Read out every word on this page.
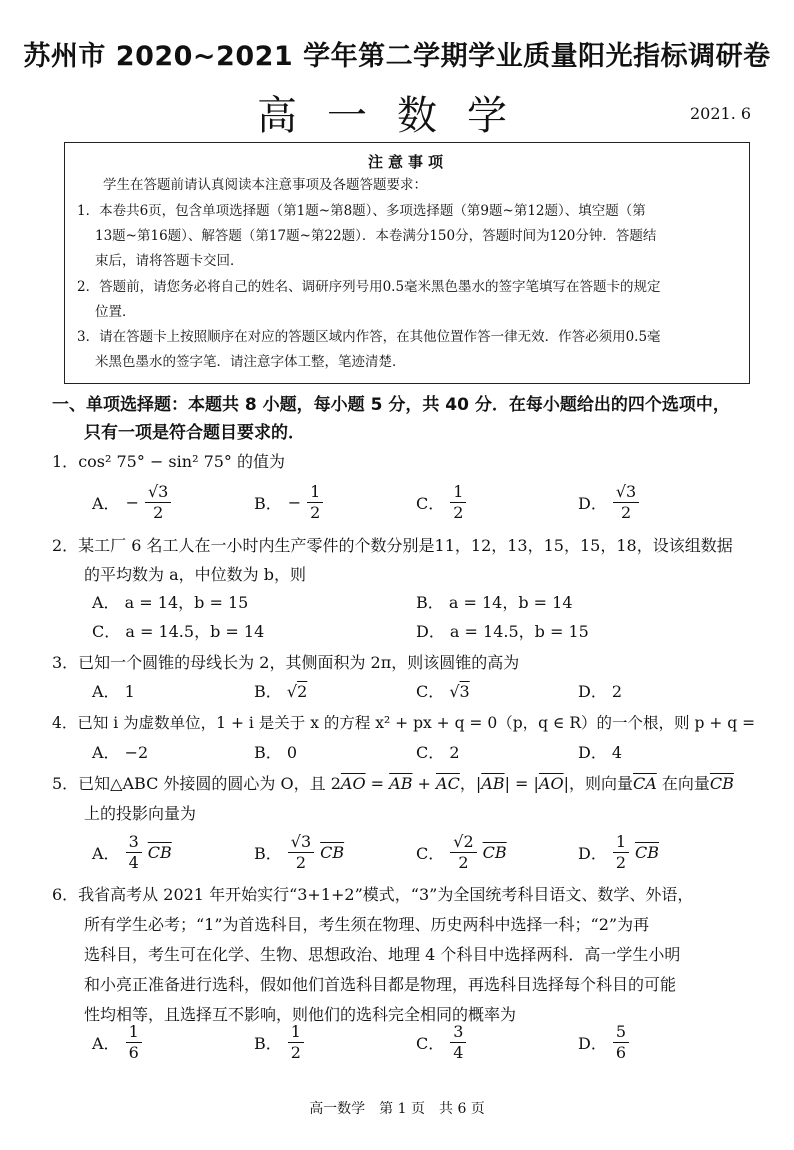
苏州市 2020~2021 学年第二学期学业质量阳光指标调研卷
高一数学	2021. 6
注意事项
学生在答题前请认真阅读本注意事项及各题答题要求：
1．本卷共6页，包含单项选择题（第1题~第8题）、多项选择题（第9题~第12题）、填空题（第
13题~第16题）、解答题（第17题~第22题）．本卷满分150分，答题时间为120分钟．答题结
束后，请将答题卡交回．
2．答题前，请您务必将自己的姓名、调研序列号用0.5毫米黑色墨水的签字笔填写在答题卡的规定
位置．
3．请在答题卡上按照顺序在对应的答题区域内作答，在其他位置作答一律无效．作答必须用0.5毫
米黑色墨水的签字笔．请注意字体工整，笔迹清楚．
一、单项选择题：本题共 8 小题，每小题 5 分，共 40 分．在每小题给出的四个选项中，
只有一项是符合题目要求的．
1．cos² 75° − sin² 75° 的值为
A． − $\frac{√3}{2}$	B． − $\frac{1}{2}$	C． $\frac{1}{2}$	D． $\frac{√3}{2}$
2．某工厂 6 名工人在一小时内生产零件的个数分别是11，12，13，15，15，18，设该组数据
的平均数为 a，中位数为 b，则
A． a = 14，b = 15	B． a = 14，b = 14
C． a = 14.5，b = 14	D． a = 14.5，b = 15
3．已知一个圆锥的母线长为 2，其侧面积为 2π，则该圆锥的高为
A． 1	B． √2	C． √3	D． 2
4．已知 i 为虚数单位，1 + i 是关于 x 的方程 x² + px + q = 0（p，q ∈ R）的一个根，则 p + q =
A． −2	B． 0	C． 2	D． 4
5．已知△ABC 外接圆的圆心为 O，且 $2\overline{AO} = \overline{AB} + \overline{AC}$，$|\overline{AB}| = |\overline{AO}|$，则向量$\overline{CA}$ 在向量$\overline{CB}$
上的投影向量为
A． $\frac{3}{4} \overline{CB}$	B． $\frac{√3}{2} \overline{CB}$	C． $\frac{√2}{2} \overline{CB}$	D． $\frac{1}{2} \overline{CB}$
6．我省高考从 2021 年开始实行“3+1+2”模式，“3”为全国统考科目语文、数学、外语，
所有学生必考；“1”为首选科目，考生须在物理、历史两科中选择一科；“2”为再
选科目，考生可在化学、生物、思想政治、地理 4 个科目中选择两科．高一学生小明
和小亮正准备进行选科，假如他们首选科目都是物理，再选科目选择每个科目的可能
性均相等，且选择互不影响，则他们的选科完全相同的概率为
A． $\frac{1}{6}$	B． $\frac{1}{2}$	C． $\frac{3}{4}$	D． $\frac{5}{6}$
高一数学　第 1 页　共 6 页
